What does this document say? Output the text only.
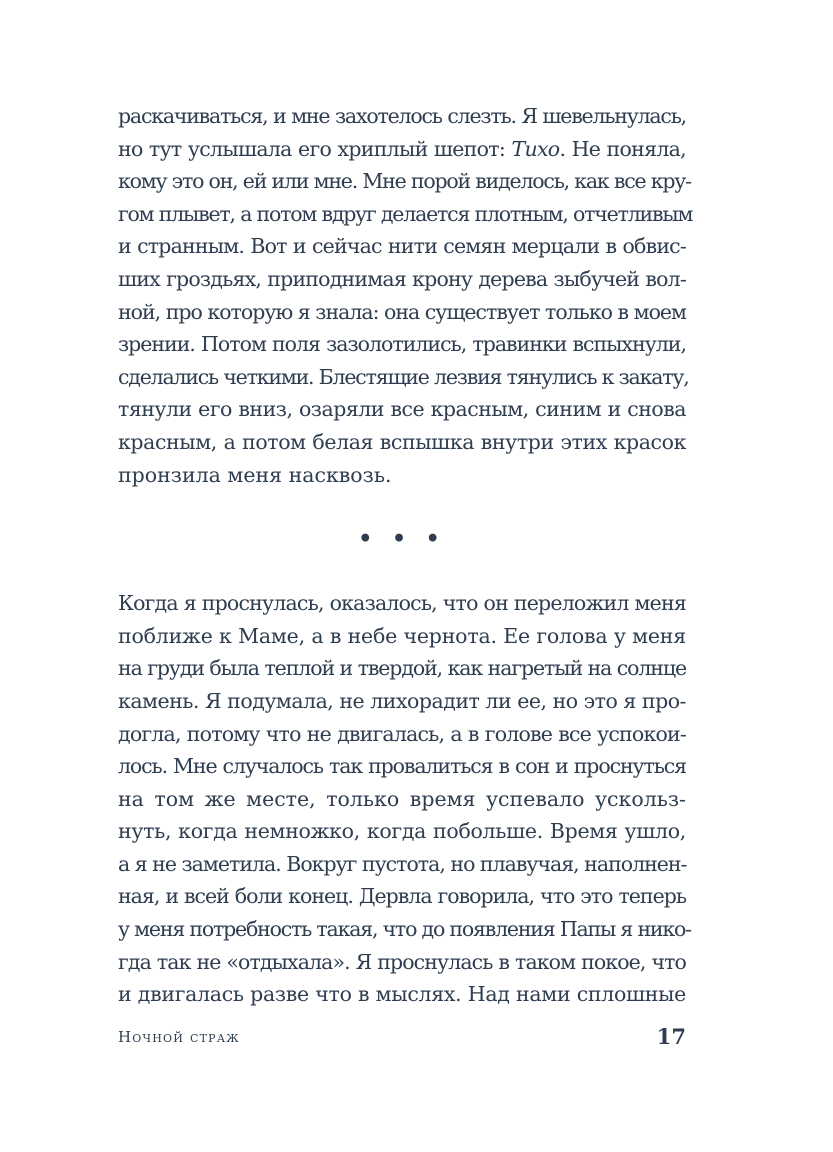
раскачиваться, и мне захотелось слезть. Я шевельнулась,
но тут услышала его хриплый шепот: Тихо. Не поняла,
кому это он, ей или мне. Мне порой виделось, как все кру-
гом плывет, а потом вдруг делается плотным, отчетливым
и странным. Вот и сейчас нити семян мерцали в обвис-
ших гроздьях, приподнимая крону дерева зыбучей вол-
ной, про которую я знала: она существует только в моем
зрении. Потом поля зазолотились, травинки вспыхнули,
сделались четкими. Блестящие лезвия тянулись к закату,
тянули его вниз, озаряли все красным, синим и снова
красным, а потом белая вспышка внутри этих красок
пронзила меня насквозь.
• • •
Когда я проснулась, оказалось, что он переложил меня
поближе к Маме, а в небе чернота. Ее голова у меня
на груди была теплой и твердой, как нагретый на солнце
камень. Я подумала, не лихорадит ли ее, но это я про-
догла, потому что не двигалась, а в голове все успокои-
лось. Мне случалось так провалиться в сон и проснуться
на том же месте, только время успевало ускольз-
нуть, когда немножко, когда побольше. Время ушло,
а я не заметила. Вокруг пустота, но плавучая, наполнен-
ная, и всей боли конец. Дервла говорила, что это теперь
у меня потребность такая, что до появления Папы я нико-
гда так не «отдыхала». Я проснулась в таком покое, что
и двигалась разве что в мыслях. Над нами сплошные
Ночной страж	17
